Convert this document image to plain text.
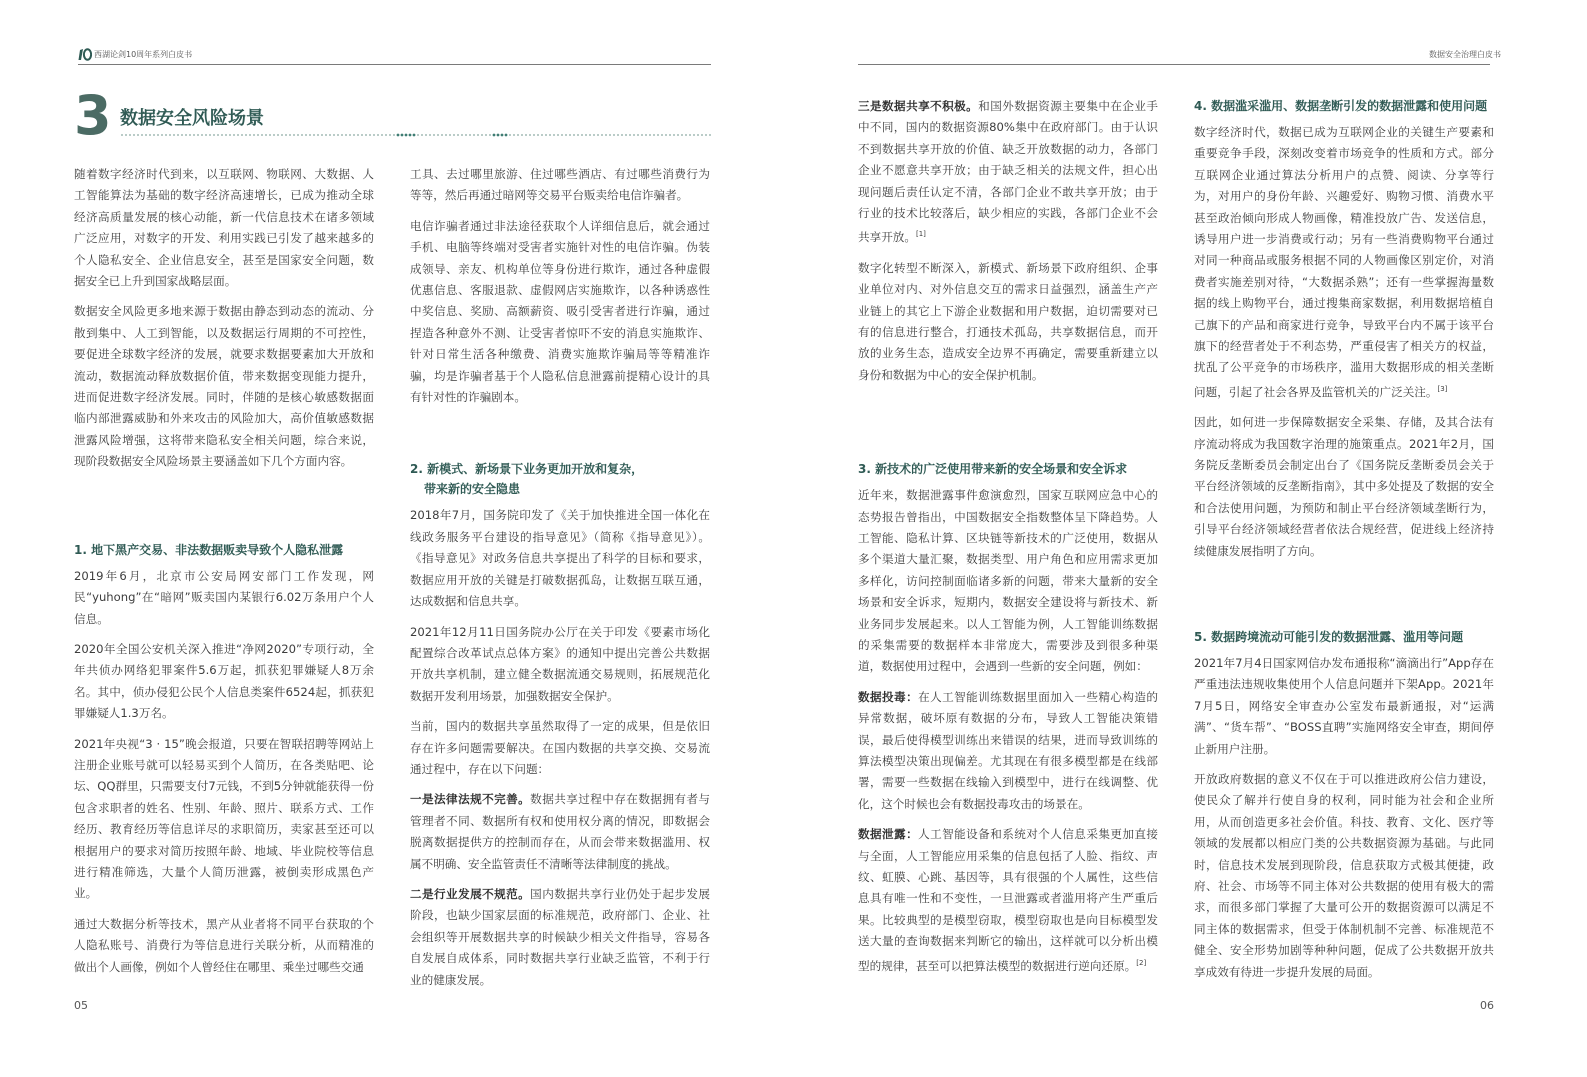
西湖论剑10周年系列白皮书
3 数据安全风险场景

随着数字经济时代到来，以互联网、物联网、大数据、人工智能算法为基础的数字经济高速增长，已成为推动全球经济高质量发展的核心动能，新一代信息技术在诸多领域广泛应用，对数字的开发、利用实践已引发了越来越多的个人隐私安全、企业信息安全，甚至是国家安全问题，数据安全已上升到国家战略层面。

数据安全风险更多地来源于数据由静态到动态的流动、分散到集中、人工到智能，以及数据运行周期的不可控性，要促进全球数字经济的发展，就要求数据要素加大开放和流动，数据流动释放数据价值，带来数据变现能力提升，进而促进数字经济发展。同时，伴随的是核心敏感数据面临内部泄露威胁和外来攻击的风险加大，高价值敏感数据泄露风险增强，这将带来隐私安全相关问题，综合来说，现阶段数据安全风险场景主要涵盖如下几个方面内容。

1. 地下黑产交易、非法数据贩卖导致个人隐私泄露

2019年6月，北京市公安局网安部门工作发现，网民“yuhong”在“暗网”贩卖国内某银行6.02万条用户个人信息。

2020年全国公安机关深入推进“净网2020”专项行动，全年共侦办网络犯罪案件5.6万起，抓获犯罪嫌疑人8万余名。其中，侦办侵犯公民个人信息类案件6524起，抓获犯罪嫌疑人1.3万名。

2021年央视“3 · 15”晚会报道，只要在智联招聘等网站上注册企业账号就可以轻易买到个人简历，在各类贴吧、论坛、QQ群里，只需要支付7元钱，不到5分钟就能获得一份包含求职者的姓名、性别、年龄、照片、联系方式、工作经历、教育经历等信息详尽的求职简历，卖家甚至还可以根据用户的要求对简历按照年龄、地域、毕业院校等信息进行精准筛选，大量个人简历泄露，被倒卖形成黑色产业。

通过大数据分析等技术，黑产从业者将不同平台获取的个人隐私账号、消费行为等信息进行关联分析，从而精准的做出个人画像，例如个人曾经住在哪里、乘坐过哪些交通

工具、去过哪里旅游、住过哪些酒店、有过哪些消费行为等等，然后再通过暗网等交易平台贩卖给电信诈骗者。

电信诈骗者通过非法途径获取个人详细信息后，就会通过手机、电脑等终端对受害者实施针对性的电信诈骗。伪装成领导、亲友、机构单位等身份进行欺诈，通过各种虚假优惠信息、客服退款、虚假网店实施欺诈，以各种诱惑性中奖信息、奖励、高额薪资、吸引受害者进行诈骗，通过捏造各种意外不测、让受害者惊吓不安的消息实施欺诈、针对日常生活各种缴费、消费实施欺诈骗局等等精准诈骗，均是诈骗者基于个人隐私信息泄露前提精心设计的具有针对性的诈骗剧本。

2. 新模式、新场景下业务更加开放和复杂，
带来新的安全隐患

2018年7月，国务院印发了《关于加快推进全国一体化在线政务服务平台建设的指导意见》（简称《指导意见》）。《指导意见》对政务信息共享提出了科学的目标和要求，数据应用开放的关键是打破数据孤岛，让数据互联互通，达成数据和信息共享。

2021年12月11日国务院办公厅在关于印发《要素市场化配置综合改革试点总体方案》的通知中提出完善公共数据开放共享机制，建立健全数据流通交易规则，拓展规范化数据开发利用场景，加强数据安全保护。

当前，国内的数据共享虽然取得了一定的成果，但是依旧存在许多问题需要解决。在国内数据的共享交换、交易流通过程中，存在以下问题：

一是法律法规不完善。数据共享过程中存在数据拥有者与管理者不同、数据所有权和使用权分离的情况，即数据会脱离数据提供方的控制而存在，从而会带来数据滥用、权属不明确、安全监管责任不清晰等法律制度的挑战。

二是行业发展不规范。国内数据共享行业仍处于起步发展阶段，也缺少国家层面的标准规范，政府部门、企业、社会组织等开展数据共享的时候缺少相关文件指导，容易各自发展自成体系，同时数据共享行业缺乏监管，不利于行业的健康发展。

05
数据安全治理白皮书

三是数据共享不积极。和国外数据资源主要集中在企业手中不同，国内的数据资源80%集中在政府部门。由于认识不到数据共享开放的价值、缺乏开放数据的动力，各部门企业不愿意共享开放；由于缺乏相关的法规文件，担心出现问题后责任认定不清，各部门企业不敢共享开放；由于行业的技术比较落后，缺少相应的实践，各部门企业不会共享开放。[1]

数字化转型不断深入，新模式、新场景下政府组织、企事业单位对内、对外信息交互的需求日益强烈，涵盖生产产业链上的其它上下游企业数据和用户数据，迫切需要对已有的信息进行整合，打通技术孤岛，共享数据信息，而开放的业务生态，造成安全边界不再确定，需要重新建立以身份和数据为中心的安全保护机制。

3. 新技术的广泛使用带来新的安全场景和安全诉求

近年来，数据泄露事件愈演愈烈，国家互联网应急中心的态势报告曾指出，中国数据安全指数整体呈下降趋势。人工智能、隐私计算、区块链等新技术的广泛使用，数据从多个渠道大量汇聚，数据类型、用户角色和应用需求更加多样化，访问控制面临诸多新的问题，带来大量新的安全场景和安全诉求，短期内，数据安全建设将与新技术、新业务同步发展起来。以人工智能为例，人工智能训练数据的采集需要的数据样本非常庞大，需要涉及到很多种渠道，数据使用过程中，会遇到一些新的安全问题，例如：

数据投毒：在人工智能训练数据里面加入一些精心构造的异常数据，破坏原有数据的分布，导致人工智能决策错误，最后使得模型训练出来错误的结果，进而导致训练的算法模型决策出现偏差。尤其现在有很多模型都是在线部署，需要一些数据在线输入到模型中，进行在线调整、优化，这个时候也会有数据投毒攻击的场景在。

数据泄露：人工智能设备和系统对个人信息采集更加直接与全面，人工智能应用采集的信息包括了人脸、指纹、声纹、虹膜、心跳、基因等，具有很强的个人属性，这些信息具有唯一性和不变性，一旦泄露或者滥用将产生严重后果。比较典型的是模型窃取，模型窃取也是向目标模型发送大量的查询数据来判断它的输出，这样就可以分析出模型的规律，甚至可以把算法模型的数据进行逆向还原。[2]

4. 数据滥采滥用、数据垄断引发的数据泄露和使用问题

数字经济时代，数据已成为互联网企业的关键生产要素和重要竞争手段，深刻改变着市场竞争的性质和方式。部分互联网企业通过算法分析用户的点赞、阅读、分享等行为，对用户的身份年龄、兴趣爱好、购物习惯、消费水平甚至政治倾向形成人物画像，精准投放广告、发送信息，诱导用户进一步消费或行动；另有一些消费购物平台通过对同一种商品或服务根据不同的人物画像区别定价，对消费者实施差别对待，“大数据杀熟”；还有一些掌握海量数据的线上购物平台，通过搜集商家数据，利用数据培植自己旗下的产品和商家进行竞争，导致平台内不属于该平台旗下的经营者处于不利态势，严重侵害了相关方的权益，扰乱了公平竞争的市场秩序，滥用大数据形成的相关垄断问题，引起了社会各界及监管机关的广泛关注。[3]

因此，如何进一步保障数据安全采集、存储，及其合法有序流动将成为我国数字治理的施策重点。2021年2月，国务院反垄断委员会制定出台了《国务院反垄断委员会关于平台经济领域的反垄断指南》，其中多处提及了数据的安全和合法使用问题，为预防和制止平台经济领域垄断行为，引导平台经济领域经营者依法合规经营，促进线上经济持续健康发展指明了方向。

5. 数据跨境流动可能引发的数据泄露、滥用等问题

2021年7月4日国家网信办发布通报称“滴滴出行”App存在严重违法违规收集使用个人信息问题并下架App。2021年7月5日，网络安全审查办公室发布最新通报，对“运满满”、“货车帮”、“BOSS直聘”实施网络安全审查，期间停止新用户注册。

开放政府数据的意义不仅在于可以推进政府公信力建设，使民众了解并行使自身的权利，同时能为社会和企业所用，从而创造更多社会价值。科技、教育、文化、医疗等领域的发展都以相应门类的公共数据资源为基础。与此同时，信息技术发展到现阶段，信息获取方式极其便捷，政府、社会、市场等不同主体对公共数据的使用有极大的需求，而很多部门掌握了大量可公开的数据资源可以满足不同主体的数据需求，但受于体制机制不完善、标准规范不健全、安全形势加剧等种种问题，促成了公共数据开放共享成效有待进一步提升发展的局面。

06
